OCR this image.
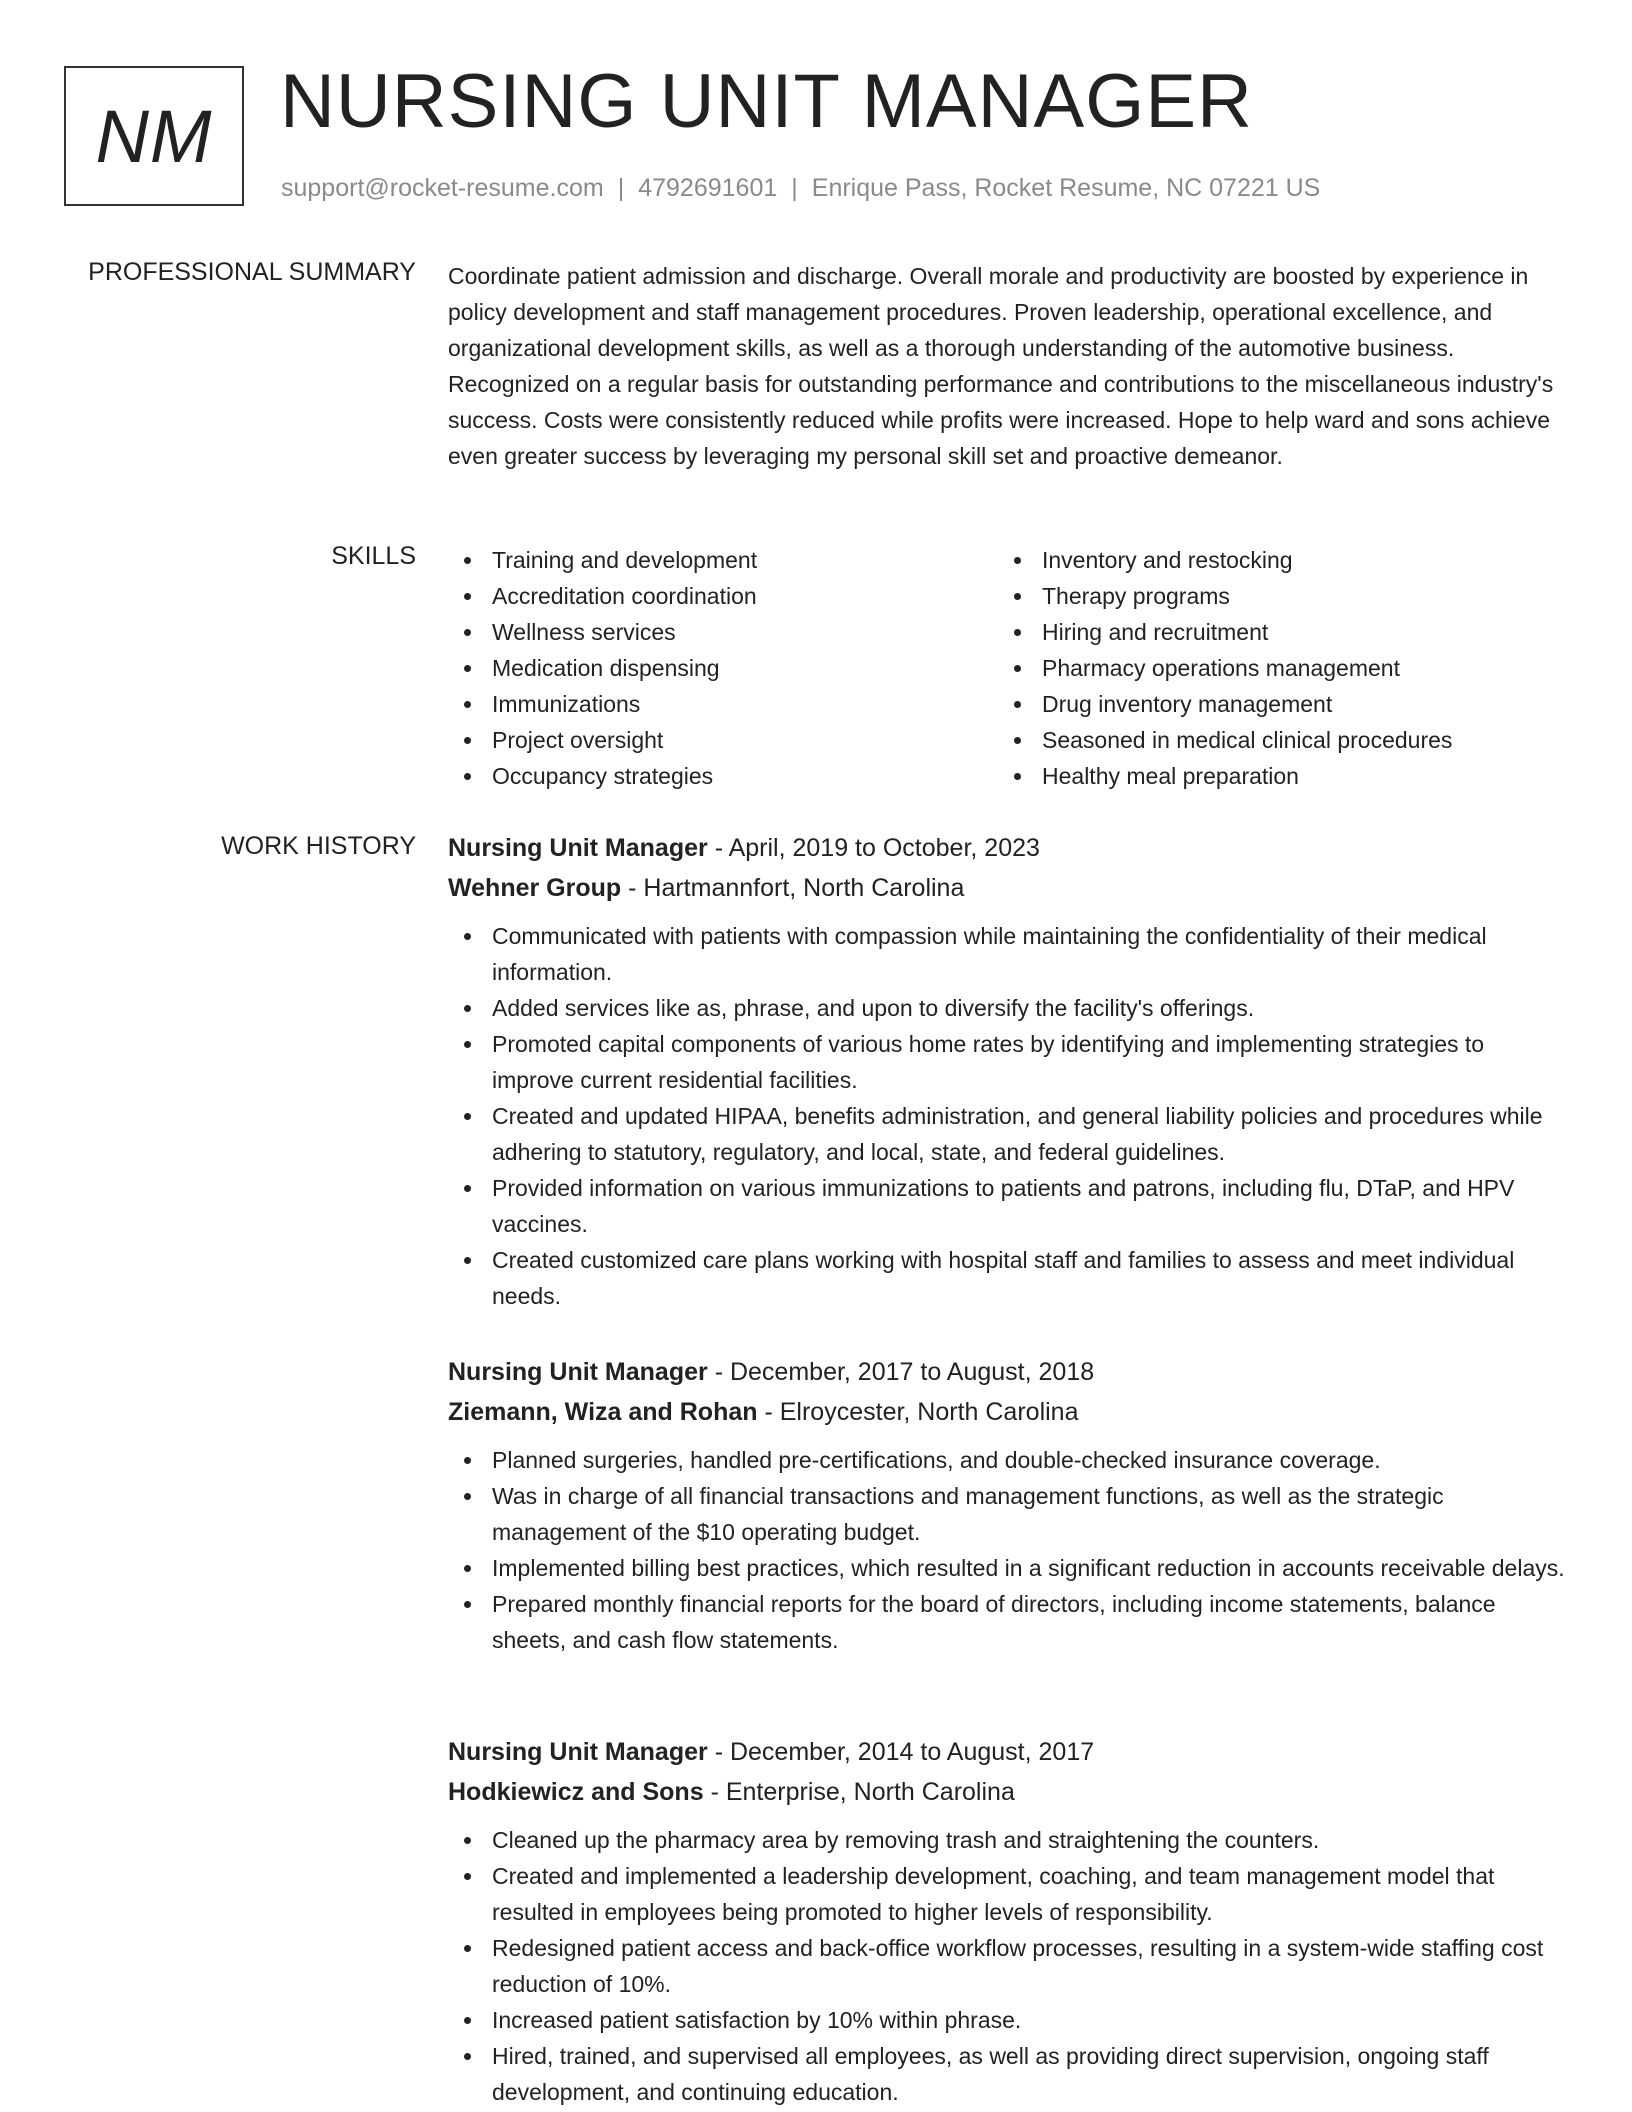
NM NURSING UNIT MANAGER
support@rocket-resume.com | 4792691601 | Enrique Pass, Rocket Resume, NC 07221 US
PROFESSIONAL SUMMARY Coordinate patient admission and discharge. Overall morale and productivity are boosted by experience in policy development and staff management procedures. Proven leadership, operational excellence, and organizational development skills, as well as a thorough understanding of the automotive business. Recognized on a regular basis for outstanding performance and contributions to the miscellaneous industry's success. Costs were consistently reduced while profits were increased. Hope to help ward and sons achieve even greater success by leveraging my personal skill set and proactive demeanor.

SKILLS	Training and development
Accreditation coordination
Wellness services
Medication dispensing
Immunizations
Project oversight
Occupancy strategies
Inventory and restocking
Therapy programs
Hiring and recruitment
Pharmacy operations management
Drug inventory management
Seasoned in medical clinical procedures
Healthy meal preparation
WORK HISTORY Nursing Unit Manager - April, 2019 to October, 2023
Wehner Group - Hartmannfort, North Carolina
Communicated with patients with compassion while maintaining the confidentiality of their medical information.
Added services like as, phrase, and upon to diversify the facility's offerings.
Promoted capital components of various home rates by identifying and implementing strategies to improve current residential facilities.
Created and updated HIPAA, benefits administration, and general liability policies and procedures while adhering to statutory, regulatory, and local, state, and federal guidelines.
Provided information on various immunizations to patients and patrons, including flu, DTaP, and HPV vaccines.
Created customized care plans working with hospital staff and families to assess and meet individual needs.
Nursing Unit Manager - December, 2017 to August, 2018
Ziemann, Wiza and Rohan - Elroycester, North Carolina
Planned surgeries, handled pre-certifications, and double-checked insurance coverage.
Was in charge of all financial transactions and management functions, as well as the strategic management of the $10 operating budget.
Implemented billing best practices, which resulted in a significant reduction in accounts receivable delays.
Prepared monthly financial reports for the board of directors, including income statements, balance sheets, and cash flow statements.
Nursing Unit Manager - December, 2014 to August, 2017
Hodkiewicz and Sons - Enterprise, North Carolina
Cleaned up the pharmacy area by removing trash and straightening the counters.
Created and implemented a leadership development, coaching, and team management model that resulted in employees being promoted to higher levels of responsibility.
Redesigned patient access and back-office workflow processes, resulting in a system-wide staffing cost reduction of 10%.
Increased patient satisfaction by 10% within phrase.
Hired, trained, and supervised all employees, as well as providing direct supervision, ongoing staff development, and continuing education.
